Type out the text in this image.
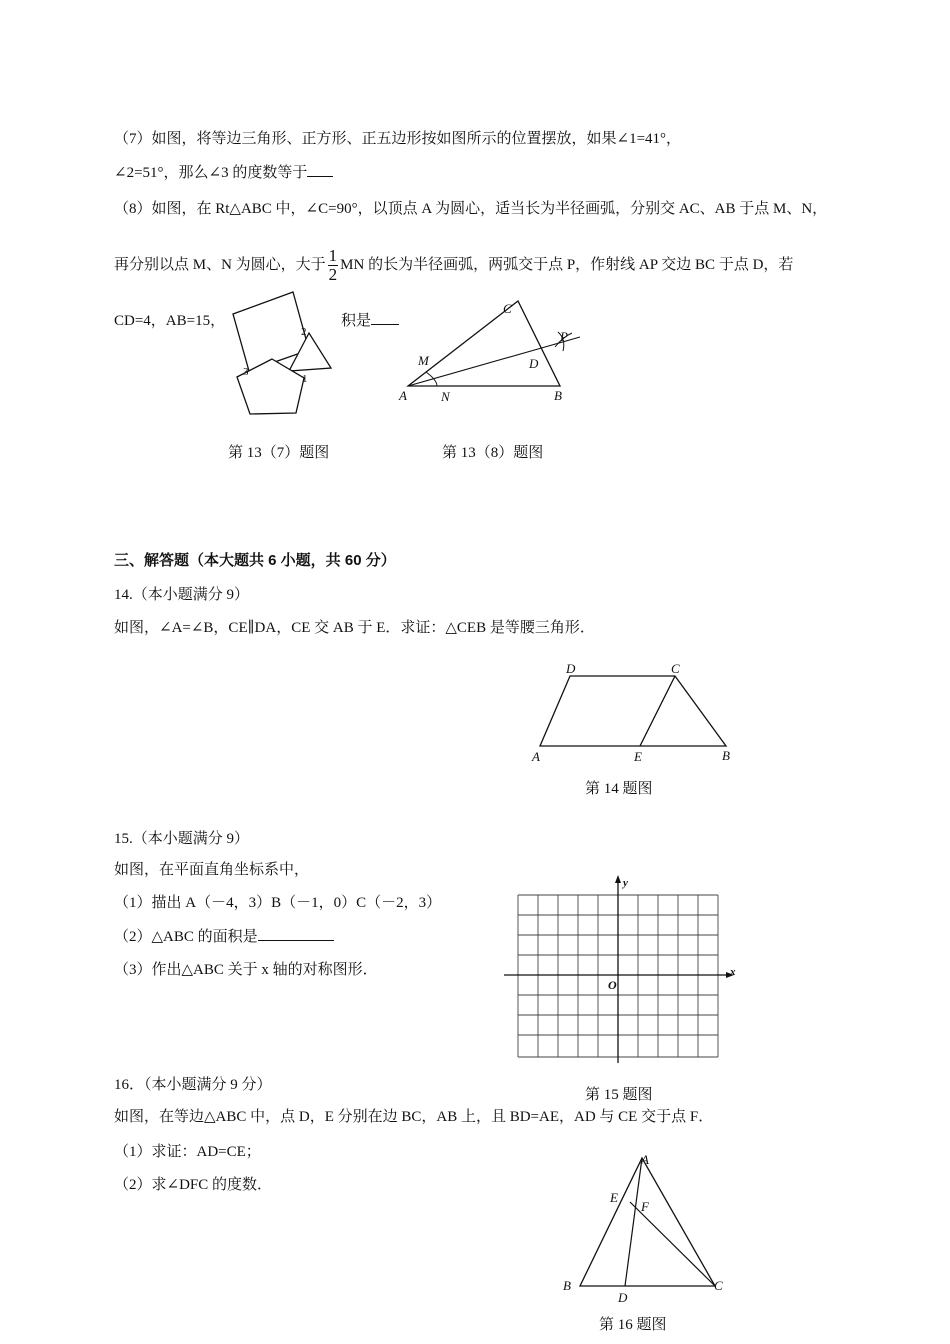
（7）如图，将等边三角形、正方形、正五边形按如图所示的位置摆放，如果∠1=41°，
∠2=51°，那么∠3 的度数等于
（8）如图，在 Rt△ABC 中，∠C=90°，以顶点 A 为圆心，适当长为半径画弧，分别交 AC、AB 于点 M、N，
再分别以点 M、N 为圆心，大于 $\frac{1}{2}$ MN 的长为半径画弧，两弧交于点 P，作射线 AP 交边 BC 于点 D，若
CD=4，AB=15，	积是
2
1
3
第 13（7）题图
C
P
M	D
A	N	B
第 13（8）题图
三、解答题（本大题共 6 小题，共 60 分）
14.（本小题满分 9）
如图，∠A=∠B，CE∥DA，CE 交 AB 于 E．求证：△CEB 是等腰三角形．
D	C
A	E	B
第 14 题图
15.（本小题满分 9）
如图，在平面直角坐标系中，
（1）描出 A（－4，3）B（－1，0）C（－2，3）
（2）△ABC 的面积是
（3）作出△ABC 关于 x 轴的对称图形．
y
x
O
第 15 题图
16．（本小题满分 9 分）
如图，在等边△ABC 中，点 D，E 分别在边 BC，AB 上，且 BD=AE，AD 与 CE 交于点 F．
（1）求证：AD=CE；
（2）求∠DFC 的度数．
A
E
F
B
D
C
第 16 题图
